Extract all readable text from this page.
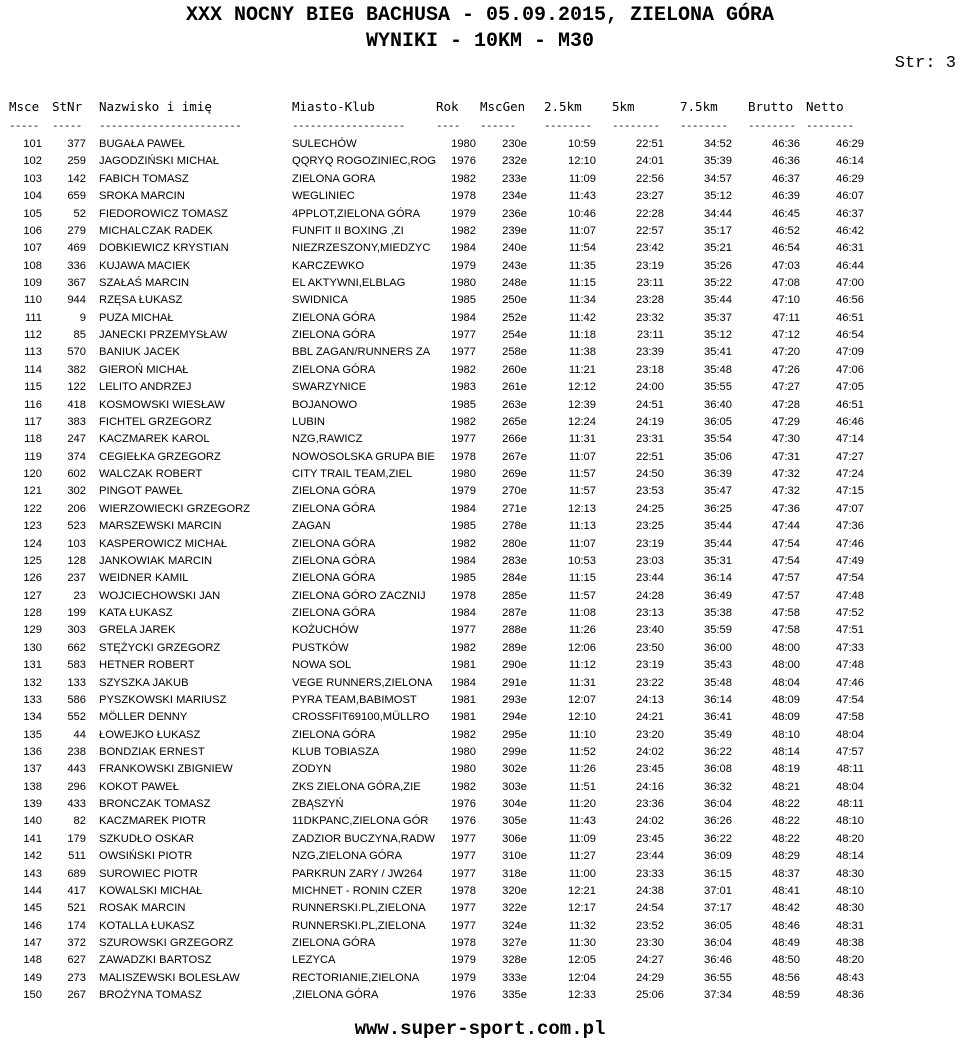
XXX NOCNY BIEG BACHUSA - 05.09.2015, ZIELONA GÓRA
WYNIKI - 10KM - M30
Str: 3
Msce	StNr	Nazwisko i imię	Miasto-Klub	Rok	MscGen	2.5km	5km	7.5km	Brutto	Netto
-----	-----	------------------------	-------------------	----	------	--------	--------	--------	-------- --------
101	377 BUGAŁA PAWEŁ	SULECHÓW	1980	230e	10:59	22:51	34:52	46:36	46:29
102	259 JAGODZIŃSKI MICHAŁ	QQRYQ ROGOZINIEC,ROG	1976	232e	12:10	24:01	35:39	46:36	46:14
103	142 FABICH TOMASZ	ZIELONA GORA	1982	233e	11:09	22:56	34:57	46:37	46:29
104	659 SROKA MARCIN	WEGLINIEC	1978	234e	11:43	23:27	35:12	46:39	46:07
105	52 FIEDOROWICZ TOMASZ	4PPLOT,ZIELONA GÓRA	1979	236e	10:46	22:28	34:44	46:45	46:37
106	279 MICHALCZAK RADEK	FUNFIT II BOXING ,ZI	1982	239e	11:07	22:57	35:17	46:52	46:42
107	469 DOBKIEWICZ KRYSTIAN	NIEZRZESZONY,MIEDZYC	1984	240e	11:54	23:42	35:21	46:54	46:31
108	336 KUJAWA MACIEK	KARCZEWKO	1979	243e	11:35	23:19	35:26	47:03	46:44
109	367 SZAŁAŚ MARCIN	EL AKTYWNI,ELBLAG	1980	248e	11:15	23:11	35:22	47:08	47:00
110	944 RZĘSA ŁUKASZ	SWIDNICA	1985	250e	11:34	23:28	35:44	47:10	46:56
111	9 PUZA MICHAŁ	ZIELONA GÓRA	1984	252e	11:42	23:32	35:37	47:11	46:51
112	85 JANECKI PRZEMYSŁAW	ZIELONA GÓRA	1977	254e	11:18	23:11	35:12	47:12	46:54
113	570 BANIUK JACEK	BBL ZAGAN/RUNNERS ZA	1977	258e	11:38	23:39	35:41	47:20	47:09
114	382 GIEROŃ MICHAŁ	ZIELONA GÓRA	1982	260e	11:21	23:18	35:48	47:26	47:06
115	122 LELITO ANDRZEJ	SWARZYNICE	1983	261e	12:12	24:00	35:55	47:27	47:05
116	418 KOSMOWSKI WIESŁAW	BOJANOWO	1985	263e	12:39	24:51	36:40	47:28	46:51
117	383 FICHTEL GRZEGORZ	LUBIN	1982	265e	12:24	24:19	36:05	47:29	46:46
118	247 KACZMAREK KAROL	NZG,RAWICZ	1977	266e	11:31	23:31	35:54	47:30	47:14
119	374 CEGIEŁKA GRZEGORZ	NOWOSOLSKA GRUPA BIE	1978	267e	11:07	22:51	35:06	47:31	47:27
120	602 WALCZAK ROBERT	CITY TRAIL TEAM,ZIEL	1980	269e	11:57	24:50	36:39	47:32	47:24
121	302 PINGOT PAWEŁ	ZIELONA GÓRA	1979	270e	11:57	23:53	35:47	47:32	47:15
122	206 WIERZOWIECKI GRZEGORZ	ZIELONA GÓRA	1984	271e	12:13	24:25	36:25	47:36	47:07
123	523 MARSZEWSKI MARCIN	ZAGAN	1985	278e	11:13	23:25	35:44	47:44	47:36
124	103 KASPEROWICZ MICHAŁ	ZIELONA GÓRA	1982	280e	11:07	23:19	35:44	47:54	47:46
125	128 JANKOWIAK MARCIN	ZIELONA GÓRA	1984	283e	10:53	23:03	35:31	47:54	47:49
126	237 WEIDNER KAMIL	ZIELONA GÓRA	1985	284e	11:15	23:44	36:14	47:57	47:54
127	23 WOJCIECHOWSKI JAN	ZIELONA GÓRO ZACZNIJ	1978	285e	11:57	24:28	36:49	47:57	47:48
128	199 KATA ŁUKASZ	ZIELONA GÓRA	1984	287e	11:08	23:13	35:38	47:58	47:52
129	303 GRELA JAREK	KOŻUCHÓW	1977	288e	11:26	23:40	35:59	47:58	47:51
130	662 STĘŻYCKI GRZEGORZ	PUSTKÓW	1982	289e	12:06	23:50	36:00	48:00	47:33
131	583 HETNER ROBERT	NOWA SOL	1981	290e	11:12	23:19	35:43	48:00	47:48
132	133 SZYSZKA JAKUB	VEGE RUNNERS,ZIELONA	1984	291e	11:31	23:22	35:48	48:04	47:46
133	586 PYSZKOWSKI MARIUSZ	PYRA TEAM,BABIMOST	1981	293e	12:07	24:13	36:14	48:09	47:54
134	552 MÖLLER DENNY	CROSSFIT69100,MÜLLRO	1981	294e	12:10	24:21	36:41	48:09	47:58
135	44 ŁOWEJKO ŁUKASZ	ZIELONA GÓRA	1982	295e	11:10	23:20	35:49	48:10	48:04
136	238 BONDZIAK ERNEST	KLUB TOBIASZA	1980	299e	11:52	24:02	36:22	48:14	47:57
137	443 FRANKOWSKI ZBIGNIEW	ZODYN	1980	302e	11:26	23:45	36:08	48:19	48:11
138	296 KOKOT PAWEŁ	ZKS ZIELONA GÓRA,ZIE	1982	303e	11:51	24:16	36:32	48:21	48:04
139	433 BRONCZAK TOMASZ	ZBĄSZYŃ	1976	304e	11:20	23:36	36:04	48:22	48:11
140	82 KACZMAREK PIOTR	11DKPANC,ZIELONA GÓR	1976	305e	11:43	24:02	36:26	48:22	48:10
141	179 SZKUDŁO OSKAR	ZADZIOR BUCZYNA,RADW	1977	306e	11:09	23:45	36:22	48:22	48:20
142	511 OWSIŃSKI PIOTR	NZG,ZIELONA GÓRA	1977	310e	11:27	23:44	36:09	48:29	48:14
143	689 SUROWIEC PIOTR	PARKRUN ZARY / JW264	1977	318e	11:00	23:33	36:15	48:37	48:30
144	417 KOWALSKI MICHAŁ	MICHNET - RONIN CZER	1978	320e	12:21	24:38	37:01	48:41	48:10
145	521 ROSAK MARCIN	RUNNERSKI.PL,ZIELONA	1977	322e	12:17	24:54	37:17	48:42	48:30
146	174 KOTALLA ŁUKASZ	RUNNERSKI.PL,ZIELONA	1977	324e	11:32	23:52	36:05	48:46	48:31
147	372 SZUROWSKI GRZEGORZ	ZIELONA GÓRA	1978	327e	11:30	23:30	36:04	48:49	48:38
148	627 ZAWADZKI BARTOSZ	LEZYCA	1979	328e	12:05	24:27	36:46	48:50	48:20
149	273 MALISZEWSKI BOLESŁAW	RECTORIANIE,ZIELONA	1979	333e	12:04	24:29	36:55	48:56	48:43
150	267 BROŻYNA TOMASZ	,ZIELONA GÓRA	1976	335e	12:33	25:06	37:34	48:59	48:36
www.super-sport.com.pl
